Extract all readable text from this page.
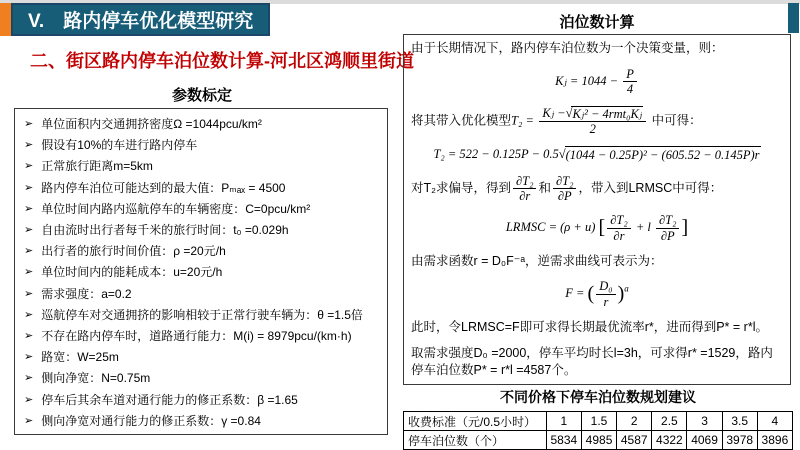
V.　路内停车优化模型研究
二、街区路内停车泊位数计算-河北区鸿顺里街道
参数标定
➢ 单位面积内交通拥挤密度Ω =1044pcu/km²
➢ 假设有10%的车进行路内停车
➢ 正常旅行距离m=5km
➢ 路内停车泊位可能达到的最大值：Pₘₐₓ = 4500
➢ 单位时间内路内巡航停车的车辆密度：C=0pcu/km²
➢ 自由流时出行者每千米的旅行时间：t₀ =0.029h
➢ 出行者的旅行时间价值：ρ =20元/h
➢ 单位时间内的能耗成本：u=20元/h
➢ 需求强度：a=0.2
➢ 巡航停车对交通拥挤的影响相较于正常行驶车辆为：θ =1.5倍
➢ 不存在路内停车时，道路通行能力：M(i) = 8979pcu/(km·h)
➢ 路宽：W=25m
➢ 侧向净宽：N=0.75m
➢ 停车后其余车道对通行能力的修正系数：β =1.65
➢ 侧向净宽对通行能力的修正系数：γ =0.84
泊位数计算
由于长期情况下，路内停车泊位数为一个决策变量，则：
Kⱼ = $1044 - \frac{P}{4}$
将其带入优化模型$T_2 = \frac{\text{Kⱼ − √ Kⱼ² − 4rmt₀Kⱼ}}{2}$ 中可得：
T₂ = 522 − 0.125P − 0.5 √ (1044 − 0.25P)² − (605.52 − 0.145P)r
对T₂求偏导，得到 $\frac{\text{∂T₂}}{\partial r}$ 和 $\frac{\text{∂T₂}}{\partial P}$ ，带入到LRMSC中可得：
LRMSC = (ρ + u) [ $\frac{\text{∂T₂}}{\partial r} + l \frac{\text{∂T₂}}{\partial P}$ ]
由需求函数r = D₀F⁻ᵃ，逆需求曲线可表示为：
F = ( $\frac{\text{D₀}}{r} )^a$
此时，令LRMSC=F即可求得长期最优流率r*，进而得到P* = r*l。
取需求强度D₀ =2000，停车平均时长l=3h，可求得r* =1529，路内停车泊位数P* = r*l =4587个。
不同价格下停车泊位数规划建议
收费标准（元/0.5小时）	1	1.5	2	2.5	3	3.5	4
停车泊位数（个）	5834	4985	4587	4322	4069	3978	3896
